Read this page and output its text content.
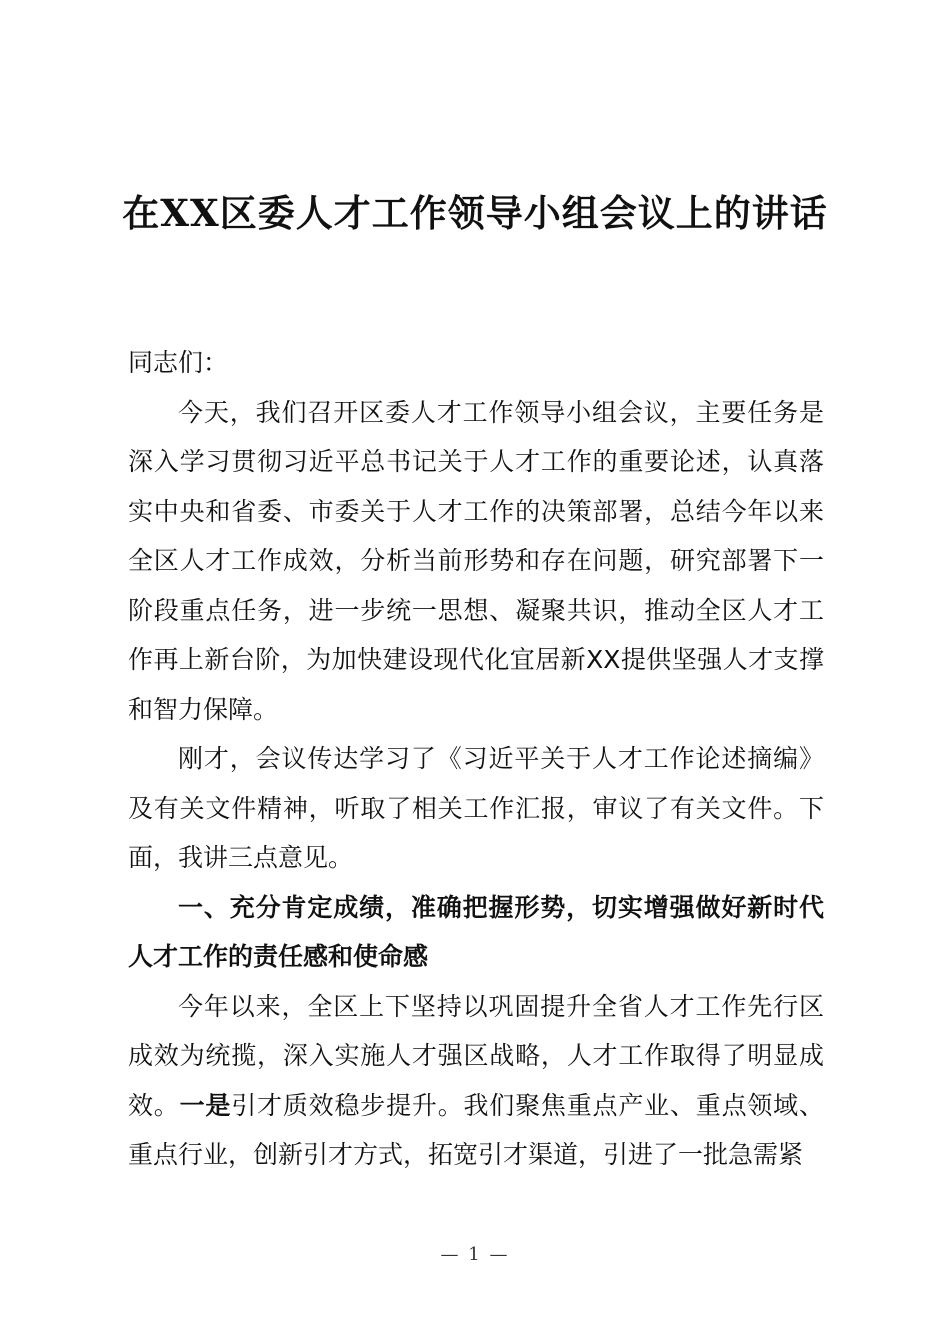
在XX区委人才工作领导小组会议上的讲话

同志们：

今天，我们召开区委人才工作领导小组会议，主要任务是深入学习贯彻习近平总书记关于人才工作的重要论述，认真落实中央和省委、市委关于人才工作的决策部署，总结今年以来全区人才工作成效，分析当前形势和存在问题，研究部署下一阶段重点任务，进一步统一思想、凝聚共识，推动全区人才工作再上新台阶，为加快建设现代化宜居新XX提供坚强人才支撑和智力保障。

刚才，会议传达学习了《习近平关于人才工作论述摘编》及有关文件精神，听取了相关工作汇报，审议了有关文件。下面，我讲三点意见。

一、充分肯定成绩，准确把握形势，切实增强做好新时代人才工作的责任感和使命感

今年以来，全区上下坚持以巩固提升全省人才工作先行区成效为统揽，深入实施人才强区战略，人才工作取得了明显成效。一是引才质效稳步提升。我们聚焦重点产业、重点领域、重点行业，创新引才方式，拓宽引才渠道，引进了一批急需紧

— 1 —
